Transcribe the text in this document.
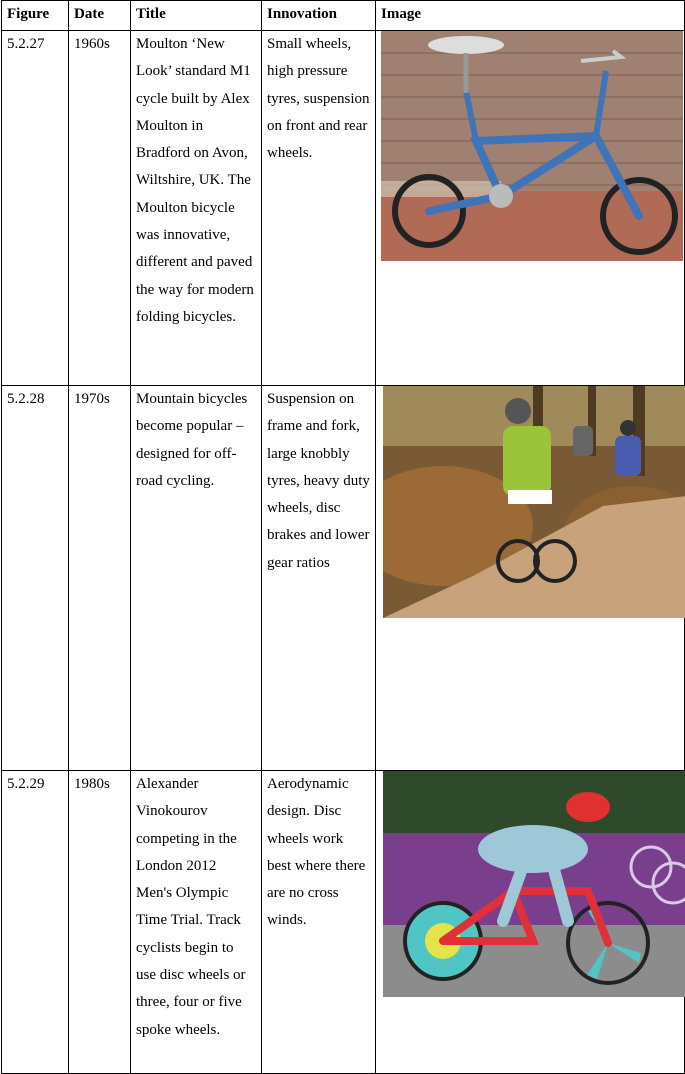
Figure	Date	Title	Innovation	Image
5.2.27	1960s	Moulton ‘New Look’ standard M1 cycle built by Alex Moulton in Bradford on Avon, Wiltshire, UK. The Moulton bicycle was innovative, different and paved the way for modern folding bicycles.	Small wheels, high pressure tyres, suspension on front and rear wheels.	

5.2.28	1970s	Mountain bicycles become popular – designed for off-road cycling.	Suspension on frame and fork, large knobbly tyres, heavy duty wheels, disc brakes and lower gear ratios	

5.2.29	1980s	Alexander Vinokourov competing in the London 2012 Men's Olympic Time Trial. Track cyclists begin to use disc wheels or three, four or five spoke wheels.	Aerodynamic design. Disc wheels work best where there are no cross winds.	
